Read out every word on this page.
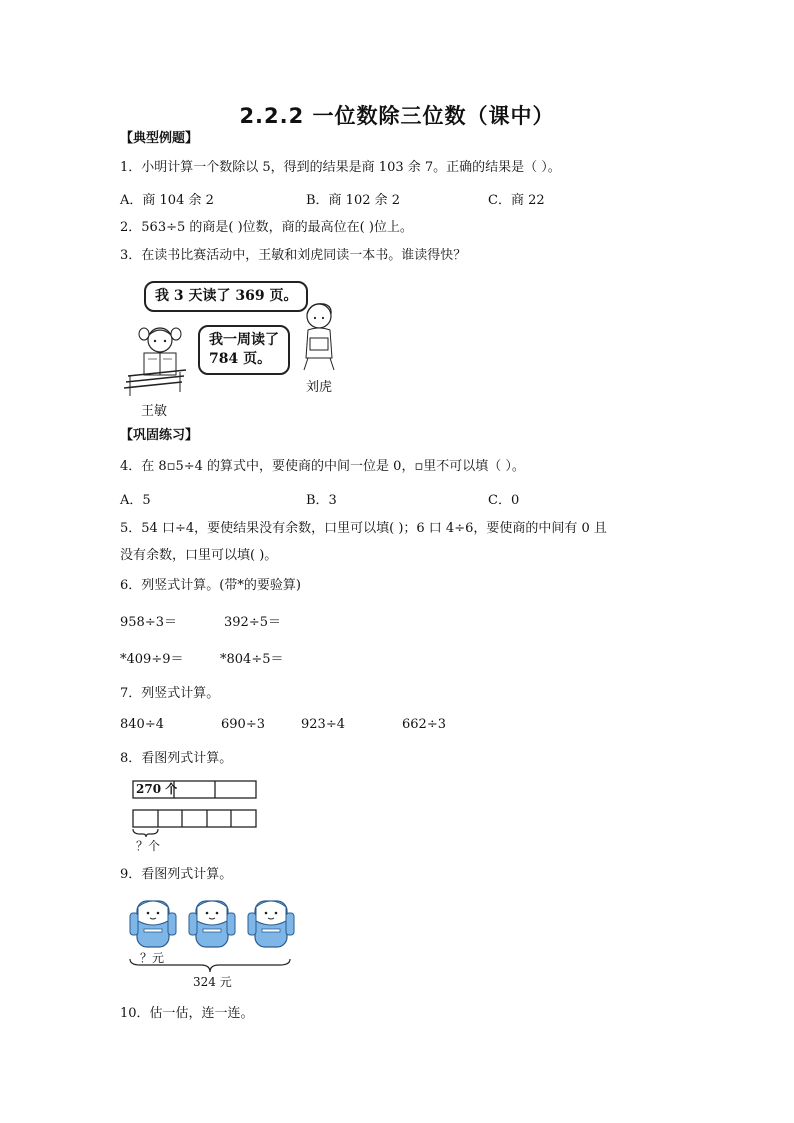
2.2.2 一位数除三位数（课中）
【典型例题】
1．小明计算一个数除以 5，得到的结果是商 103 余 7。正确的结果是（ ）。
A．商 104 余 2	B．商 102 余 2	C．商 22
2．563÷5 的商是( )位数，商的最高位在( )位上。
3．在读书比赛活动中，王敏和刘虎同读一本书。谁读得快？
我 3 天读了 369 页。
我一周读了
784 页。
王敏
刘虎
【巩固练习】
4．在 8▫5÷4 的算式中，要使商的中间一位是 0，▫里不可以填（ ）。
A．5	B．3	C．0
5．54 口÷4，要使结果没有余数，口里可以填( )；6 口 4÷6，要使商的中间有 0 且
没有余数，口里可以填( )。
6．列竖式计算。(带*的要验算)
958÷3＝	392÷5＝
*409÷9＝	*804÷5＝
7．列竖式计算。
840÷4	690÷3	923÷4	662÷3
8．看图列式计算。
270 个
？个
9．看图列式计算。
？元
324 元
10．估一估，连一连。
